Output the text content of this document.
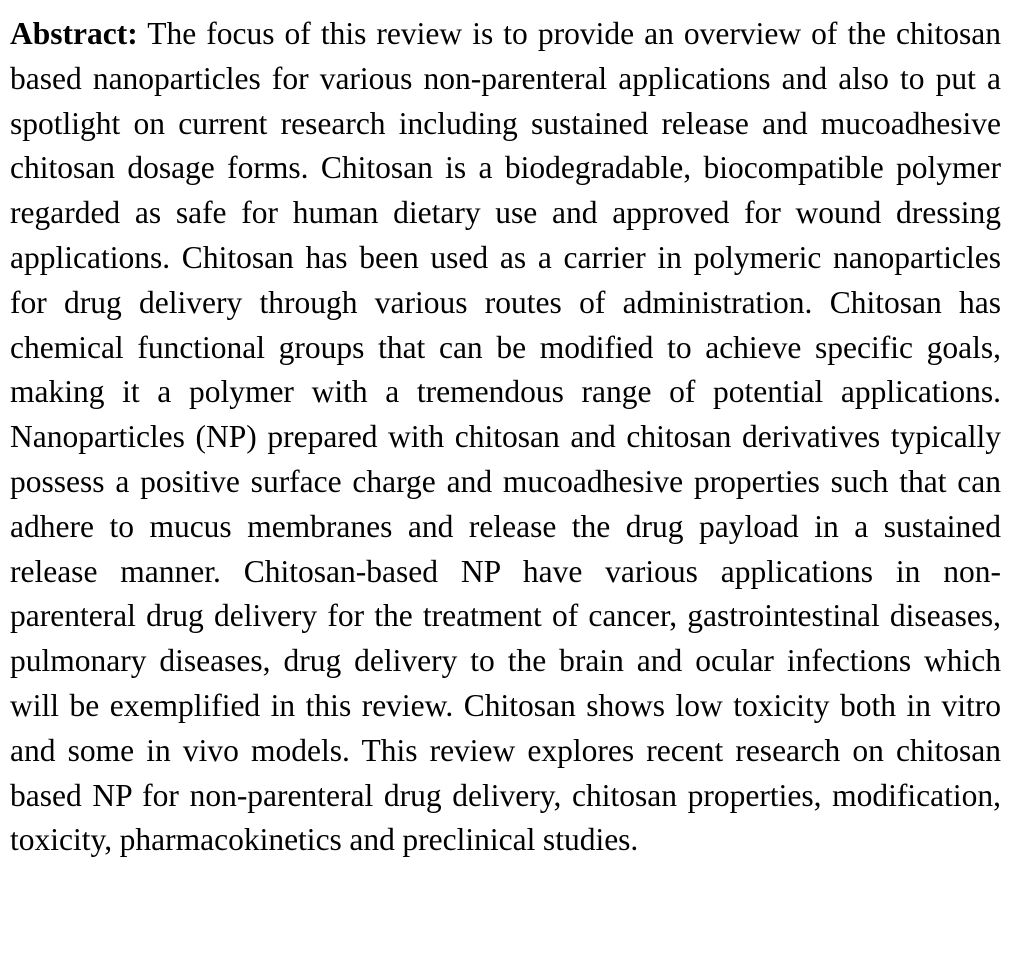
Abstract: The focus of this review is to provide an overview of the chitosan based nanoparticles for various non-parenteral applications and also to put a spotlight on current research including sustained release and mucoadhesive chitosan dosage forms. Chitosan is a biodegradable, biocompatible polymer regarded as safe for human dietary use and approved for wound dressing applications. Chitosan has been used as a carrier in polymeric nanoparticles for drug delivery through various routes of administration. Chitosan has chemical functional groups that can be modified to achieve specific goals, making it a polymer with a tremendous range of potential applications. Nanoparticles (NP) prepared with chitosan and chitosan derivatives typically possess a positive surface charge and mucoadhesive properties such that can adhere to mucus membranes and release the drug payload in a sustained release manner. Chitosan-based NP have various applications in non-parenteral drug delivery for the treatment of cancer, gastrointestinal diseases, pulmonary diseases, drug delivery to the brain and ocular infections which will be exemplified in this review. Chitosan shows low toxicity both in vitro and some in vivo models. This review explores recent research on chitosan based NP for non-parenteral drug delivery, chitosan properties, modification, toxicity, pharmacokinetics and preclinical studies.
